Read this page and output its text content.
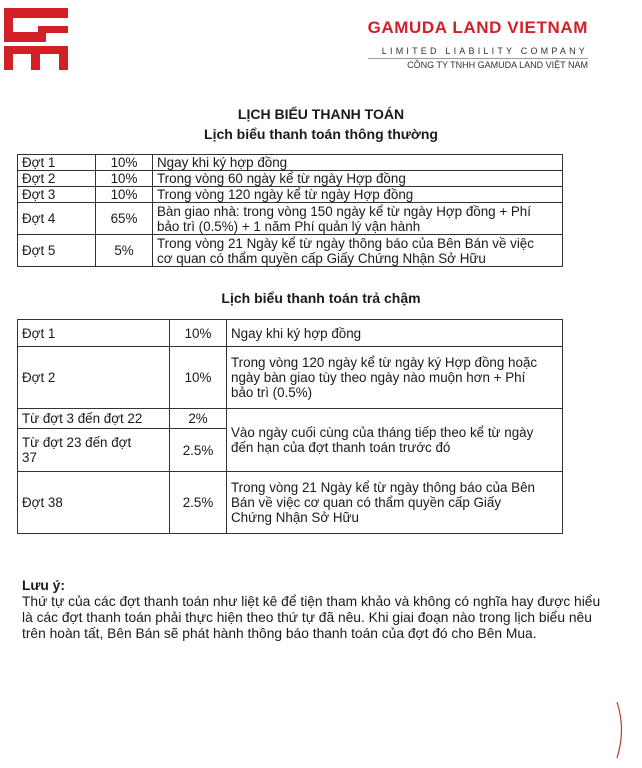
GAMUDA LAND VIETNAM
LIMITED LIABILITY COMPANY
CÔNG TY TNHH GAMUDA LAND VIỆT NAM
LỊCH BIỂU THANH TOÁN
Lịch biểu thanh toán thông thường
Đợt 1	10%	Ngay khi ký hợp đồng
Đợt 2	10%	Trong vòng 60 ngày kể từ ngày Hợp đồng
Đợt 3	10%	Trong vòng 120 ngày kể từ ngày Hợp đồng
Đợt 4	65%	Bàn giao nhà: trong vòng 150 ngày kể từ ngày Hợp đồng + Phí
bảo trì (0.5%) + 1 năm Phí quản lý vận hành

Đợt 5	5%	Trong vòng 21 Ngày kể từ ngày thông báo của Bên Bán về việc
cơ quan có thẩm quyền cấp Giấy Chứng Nhận Sở Hữu
Lịch biểu thanh toán trả chậm
Đợt 1	10%	Ngay khi ký hợp đồng
Đợt 2	10%	Trong vòng 120 ngày kể từ ngày ký Hợp đồng hoặc
ngày bàn giao tùy theo ngày nào muộn hơn + Phí
bảo trì (0.5%)

Từ đợt 3 đến đợt 22	2%	Vào ngày cuối cùng của tháng tiếp theo kể từ ngày
đến hạn của đợt thanh toán trước đó

Từ đợt 23 đến đợt
37	2.5%	
Đợt 38	2.5%	Trong vòng 21 Ngày kể từ ngày thông báo của Bên
Bán về việc cơ quan có thẩm quyền cấp Giấy
Chứng Nhận Sở Hữu
Lưu ý:
Thứ tự của các đợt thanh toán như liệt kê để tiện tham khảo và không có nghĩa hay được hiểu là các đợt thanh toán phải thực hiện theo thứ tự đã nêu. Khi giai đoạn nào trong lịch biểu nêu trên hoàn tất, Bên Bán sẽ phát hành thông báo thanh toán của đợt đó cho Bên Mua.
